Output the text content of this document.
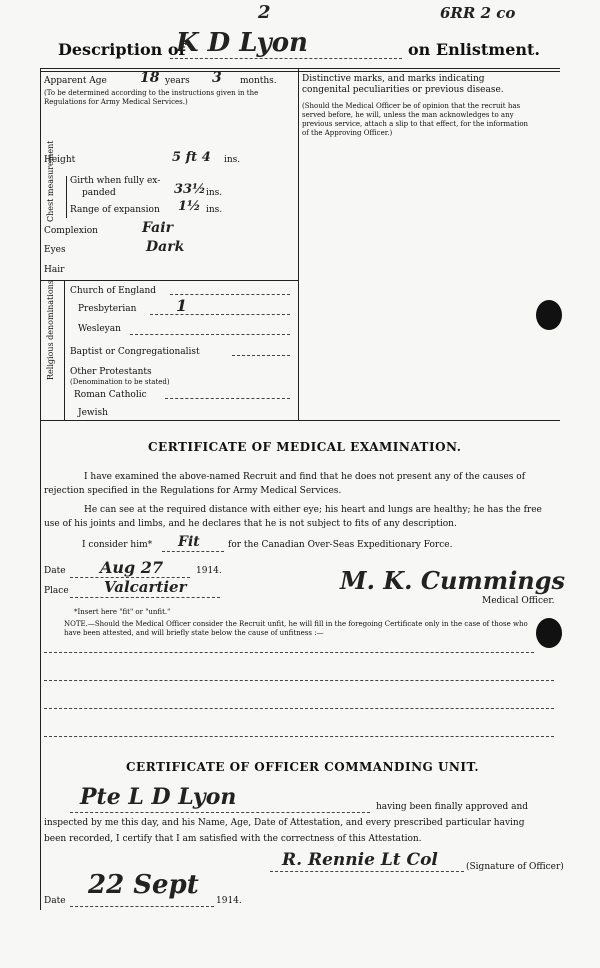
6RR 2 co
2
Description of
K D Lyon	on Enlistment.
Apparent Age 18 years 3 months.
(To be determined according to the instructions given in the Regulations for Army Medical Services.)
Height	5 ft 4 ins.
Chest measurement Girth when fully ex-
panded	33½ ins.
Range of expansion 1½ ins.
Complexion	Fair
Eyes	Dark
Hair
Religious denominations Church of England
Presbyterian 1
Wesleyan
Baptist or Congregationalist
Other Protestants
(Denomination to be stated)
Roman Catholic
Jewish
Distinctive marks, and marks indicating congenital peculiarities or previous disease.
(Should the Medical Officer be of opinion that the recruit has served before, he will, unless the man acknowledges to any previous service, attach a slip to that effect, for the information of the Approving Officer.)
CERTIFICATE OF MEDICAL EXAMINATION.
I have examined the above-named Recruit and find that he does not present any of the causes of rejection specified in the Regulations for Army Medical Services.
He can see at the required distance with either eye; his heart and lungs are healthy; he has the free use of his joints and limbs, and he declares that he is not subject to fits of any description.
I consider him* Fit	for the Canadian Over-Seas Expeditionary Force.
Date Aug 27	1914.
Place Valcartier	M. K. Cummings
Medical Officer.
*Insert here "fit" or "unfit."
NOTE.—Should the Medical Officer consider the Recruit unfit, he will fill in the foregoing Certificate only in the case of those who have been attested, and will briefly state below the cause of unfitness :—
CERTIFICATE OF OFFICER COMMANDING UNIT.
Pte L D Lyon	having been finally approved and
inspected by me this day, and his Name, Age, Date of Attestation, and every prescribed particular having
been recorded, I certify that I am satisfied with the correctness of this Attestation.
R. Rennie Lt Col	(Signature of Officer)
Date
22 Sept
1914.
